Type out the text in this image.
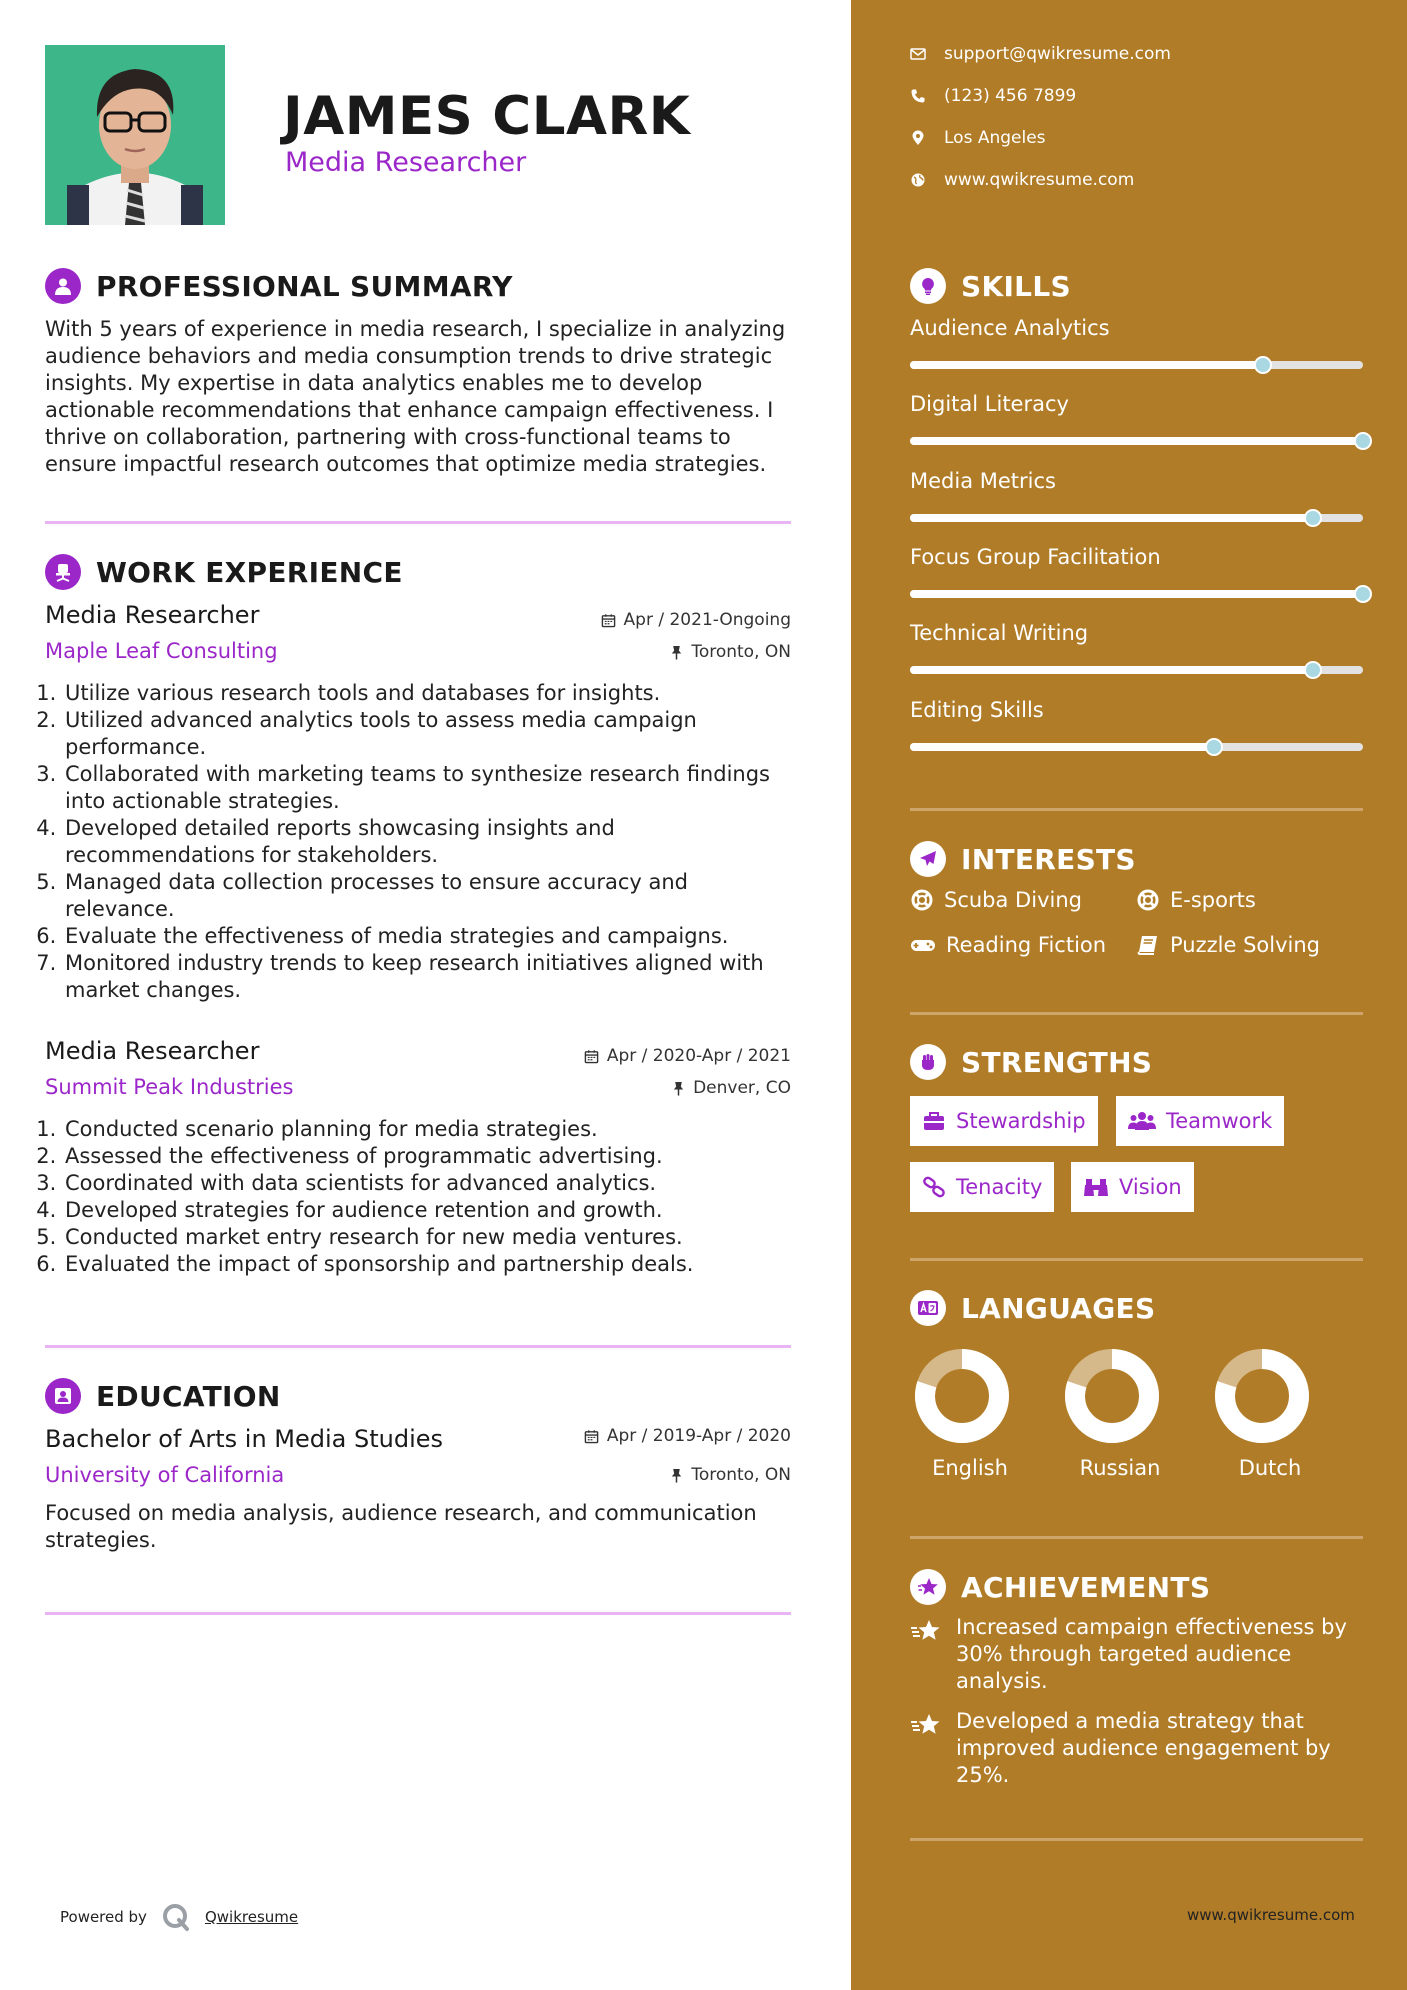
JAMES CLARK
Media Researcher
PROFESSIONAL SUMMARY
With 5 years of experience in media research, I specialize in analyzing audience behaviors and media consumption trends to drive strategic insights. My expertise in data analytics enables me to develop actionable recommendations that enhance campaign effectiveness. I thrive on collaboration, partnering with cross-functional teams to ensure impactful research outcomes that optimize media strategies.
WORK EXPERIENCE
Media Researcher
Maple Leaf Consulting
Apr / 2021-Ongoing
Toronto, ON
1. Utilize various research tools and databases for insights.
2. Utilized advanced analytics tools to assess media campaign performance.
3. Collaborated with marketing teams to synthesize research findings into actionable strategies.
4. Developed detailed reports showcasing insights and recommendations for stakeholders.
5. Managed data collection processes to ensure accuracy and relevance.
6. Evaluate the effectiveness of media strategies and campaigns.
7. Monitored industry trends to keep research initiatives aligned with market changes.
Media Researcher
Summit Peak Industries
Apr / 2020-Apr / 2021
Denver, CO
1. Conducted scenario planning for media strategies.
2. Assessed the effectiveness of programmatic advertising.
3. Coordinated with data scientists for advanced analytics.
4. Developed strategies for audience retention and growth.
5. Conducted market entry research for new media ventures.
6. Evaluated the impact of sponsorship and partnership deals.
EDUCATION
Bachelor of Arts in Media Studies
University of California
Apr / 2019-Apr / 2020
Toronto, ON
Focused on media analysis, audience research, and communication strategies.
Powered by	Qwikresume
support@qwikresume.com
(123) 456 7899
Los Angeles
www.qwikresume.com
SKILLS
Audience Analytics
Digital Literacy
Media Metrics
Focus Group Facilitation
Technical Writing
Editing Skills
INTERESTS
Scuba Diving	E-sports
Reading Fiction	Puzzle Solving
STRENGTHS
Stewardship	Teamwork
Tenacity	Vision
LANGUAGES
English	Russian	Dutch
ACHIEVEMENTS
Increased campaign effectiveness by 30% through targeted audience analysis.
Developed a media strategy that improved audience engagement by 25%.
www.qwikresume.com
